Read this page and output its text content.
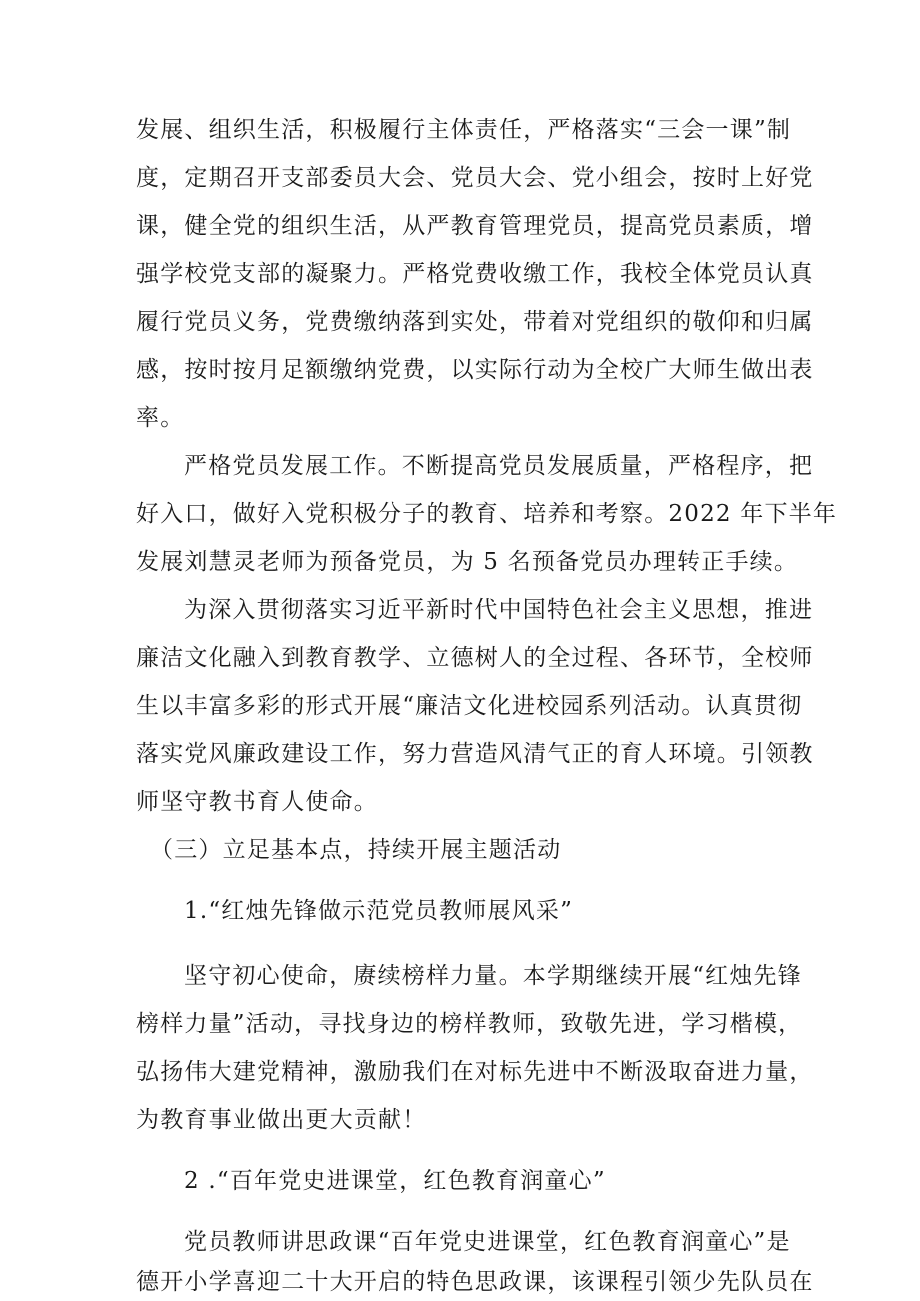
发展、组织生活，积极履行主体责任，严格落实“三会一课”制

度，定期召开支部委员大会、党员大会、党小组会，按时上好党

课，健全党的组织生活，从严教育管理党员，提高党员素质，增

强学校党支部的凝聚力。严格党费收缴工作，我校全体党员认真

履行党员义务，党费缴纳落到实处，带着对党组织的敬仰和归属

感，按时按月足额缴纳党费，以实际行动为全校广大师生做出表

率。

严格党员发展工作。不断提高党员发展质量，严格程序，把

好入口，做好入党积极分子的教育、培养和考察。2022 年下半年

发展刘慧灵老师为预备党员，为 5 名预备党员办理转正手续。

为深入贯彻落实习近平新时代中国特色社会主义思想，推进

廉洁文化融入到教育教学、立德树人的全过程、各环节，全校师

生以丰富多彩的形式开展“廉洁文化进校园系列活动。认真贯彻

落实党风廉政建设工作，努力营造风清气正的育人环境。引领教

师坚守教书育人使命。

（三）立足基本点，持续开展主题活动

1.“红烛先锋做示范党员教师展风采”

坚守初心使命，赓续榜样力量。本学期继续开展“红烛先锋

榜样力量”活动，寻找身边的榜样教师，致敬先进，学习楷模，

弘扬伟大建党精神，激励我们在对标先进中不断汲取奋进力量，

为教育事业做出更大贡献！

2 .“百年党史进课堂，红色教育润童心”

党员教师讲思政课“百年党史进课堂，红色教育润童心”是

德开小学喜迎二十大开启的特色思政课，该课程引领少先队员在
